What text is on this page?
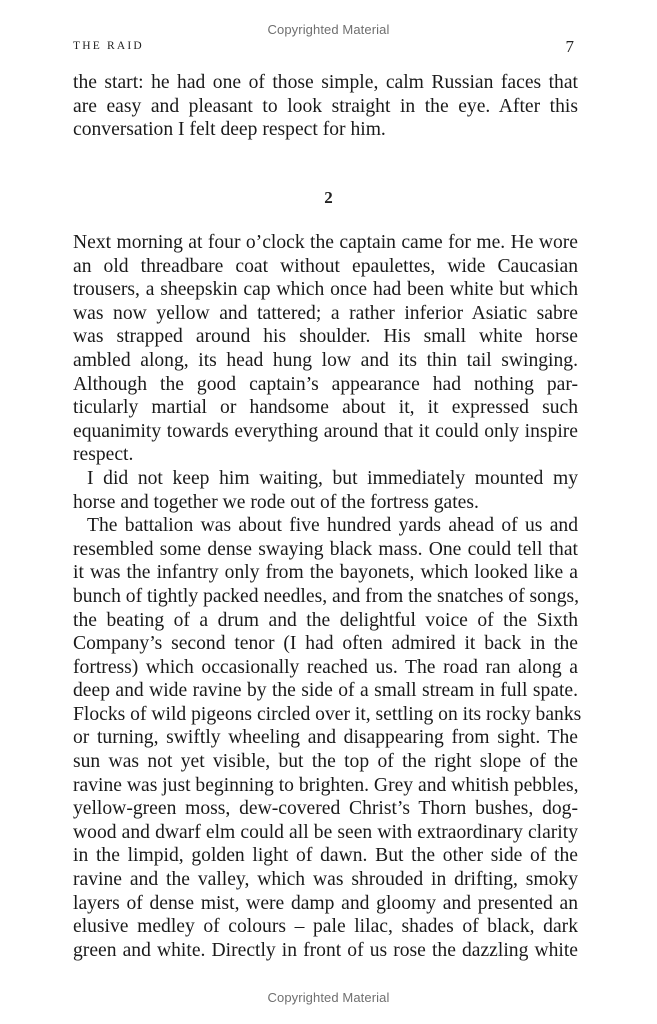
Copyrighted Material
THE RAID	7
the start: he had one of those simple, calm Russian faces that
are easy and pleasant to look straight in the eye. After this
conversation I felt deep respect for him.
2
Next morning at four o’clock the captain came for me. He wore
an old threadbare coat without epaulettes, wide Caucasian
trousers, a sheepskin cap which once had been white but which
was now yellow and tattered; a rather inferior Asiatic sabre
was strapped around his shoulder. His small white horse
ambled along, its head hung low and its thin tail swinging.
Although the good captain’s appearance had nothing par-
ticularly martial or handsome about it, it expressed such
equanimity towards everything around that it could only inspire
respect.
I did not keep him waiting, but immediately mounted my
horse and together we rode out of the fortress gates.
The battalion was about five hundred yards ahead of us and
resembled some dense swaying black mass. One could tell that
it was the infantry only from the bayonets, which looked like a
bunch of tightly packed needles, and from the snatches of songs,
the beating of a drum and the delightful voice of the Sixth
Company’s second tenor (I had often admired it back in the
fortress) which occasionally reached us. The road ran along a
deep and wide ravine by the side of a small stream in full spate.
Flocks of wild pigeons circled over it, settling on its rocky banks
or turning, swiftly wheeling and disappearing from sight. The
sun was not yet visible, but the top of the right slope of the
ravine was just beginning to brighten. Grey and whitish pebbles,
yellow-green moss, dew-covered Christ’s Thorn bushes, dog-
wood and dwarf elm could all be seen with extraordinary clarity
in the limpid, golden light of dawn. But the other side of the
ravine and the valley, which was shrouded in drifting, smoky
layers of dense mist, were damp and gloomy and presented an
elusive medley of colours – pale lilac, shades of black, dark
green and white. Directly in front of us rose the dazzling white
Copyrighted Material
